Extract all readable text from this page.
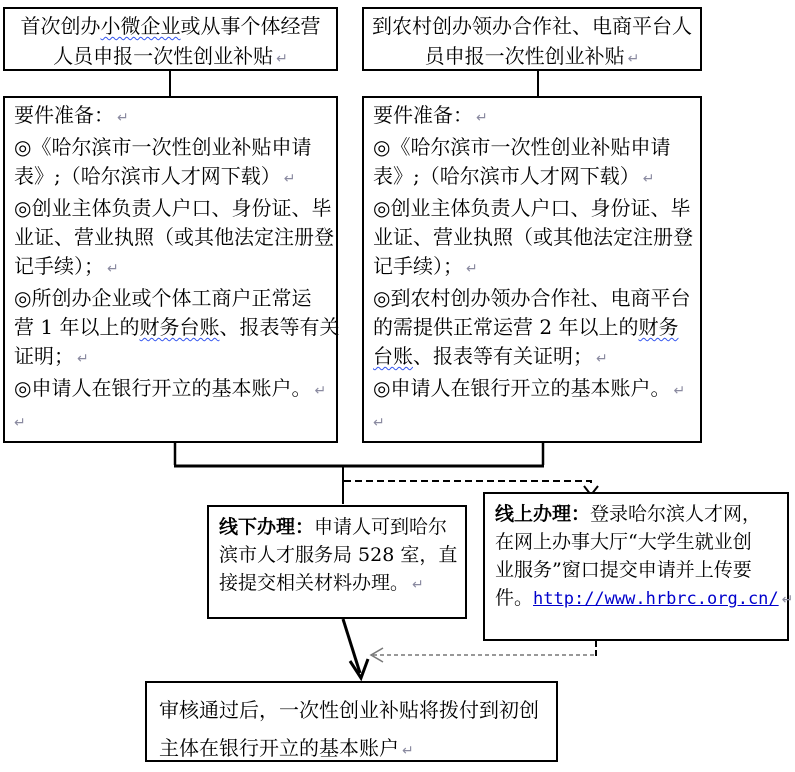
首次创办小微企业或从事个体经营
人员申报一次性创业补贴 ↵
到农村创办领办合作社、电商平台人
员申报一次性创业补贴 ↵
要件准备： ↵
◎《哈尔滨市一次性创业补贴申请
表》;（哈尔滨市人才网下载） ↵
◎创业主体负责人户口、身份证、毕
业证、营业执照（或其他法定注册登
记手续）； ↵
◎所创办企业或个体工商户正常运
营 1 年以上的财务台账、报表等有关
证明； ↵
◎申请人在银行开立的基本账户。 ↵
↵
要件准备： ↵
◎《哈尔滨市一次性创业补贴申请
表》;（哈尔滨市人才网下载） ↵
◎创业主体负责人户口、身份证、毕
业证、营业执照（或其他法定注册登
记手续）； ↵
◎到农村创办领办合作社、电商平台
的需提供正常运营 2 年以上的财务
台账、报表等有关证明； ↵
◎申请人在银行开立的基本账户。 ↵
↵
线下办理：申请人可到哈尔
滨市人才服务局 528 室，直
接提交相关材料办理。 ↵
线上办理：登录哈尔滨人才网，
在网上办事大厅“大学生就业创
业服务”窗口提交申请并上传要
件。http://www.hrbrc.org.cn/ ↵
审核通过后，一次性创业补贴将拨付到初创
主体在银行开立的基本账户 ↵
